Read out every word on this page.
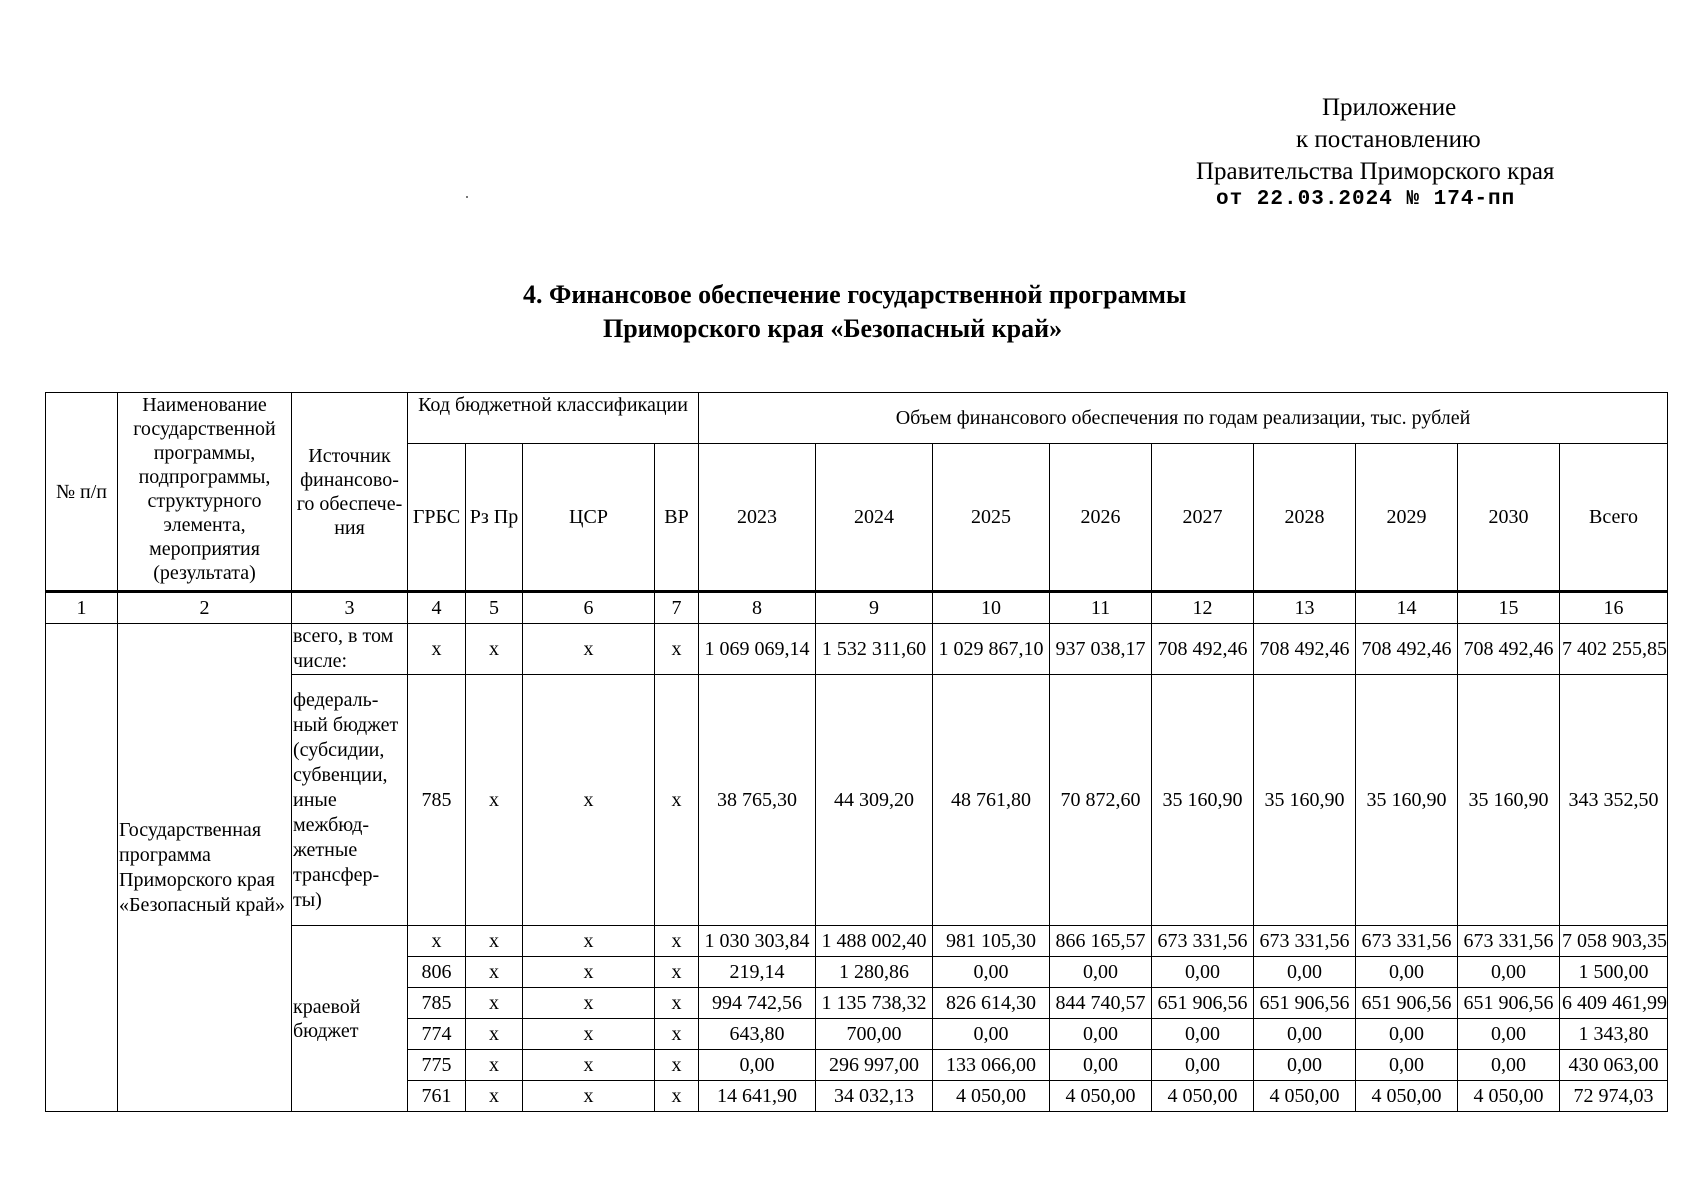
Приложение
к постановлению
Правительства Приморского края
от 22.03.2024 № 174-пп
4. Финансовое обеспечение государственной программы
Приморского края «Безопасный край»
№ п/п	Наименование государственной программы, подпрограммы, структурного элемента, мероприятия (результата)	Источник финансово-го обеспече-ния	Код бюджетной классификации				Объем финансового обеспечения по годам реализации, тыс. рублей								
			ГРБС	Рз Пр	ЦСР	ВР	2023	2024	2025	2026	2027	2028	2029	2030	Всего
1	2	3	4	5	6	7	8	9	10	11	12	13	14	15	16
	Государственная программа Приморского края «Безопасный край»	всего, в том числе:	x	x	x	x	1 069 069,14	1 532 311,60	1 029 867,10	937 038,17	708 492,46	708 492,46	708 492,46	708 492,46	7 402 255,85
		федераль-ный бюджет (субсидии, субвенции, иные межбюд-жетные трансфер-ты)	785	x	x	x	38 765,30	44 309,20	48 761,80	70 872,60	35 160,90	35 160,90	35 160,90	35 160,90	343 352,50
		краевой бюджет	x	x	x	x	1 030 303,84	1 488 002,40	981 105,30	866 165,57	673 331,56	673 331,56	673 331,56	673 331,56	7 058 903,35
			806	x	x	x	219,14	1 280,86	0,00	0,00	0,00	0,00	0,00	0,00	1 500,00
			785	x	x	x	994 742,56	1 135 738,32	826 614,30	844 740,57	651 906,56	651 906,56	651 906,56	651 906,56	6 409 461,99
			774	x	x	x	643,80	700,00	0,00	0,00	0,00	0,00	0,00	0,00	1 343,80
			775	x	x	x	0,00	296 997,00	133 066,00	0,00	0,00	0,00	0,00	0,00	430 063,00
			761	x	x	x	14 641,90	34 032,13	4 050,00	4 050,00	4 050,00	4 050,00	4 050,00	4 050,00	72 974,03
